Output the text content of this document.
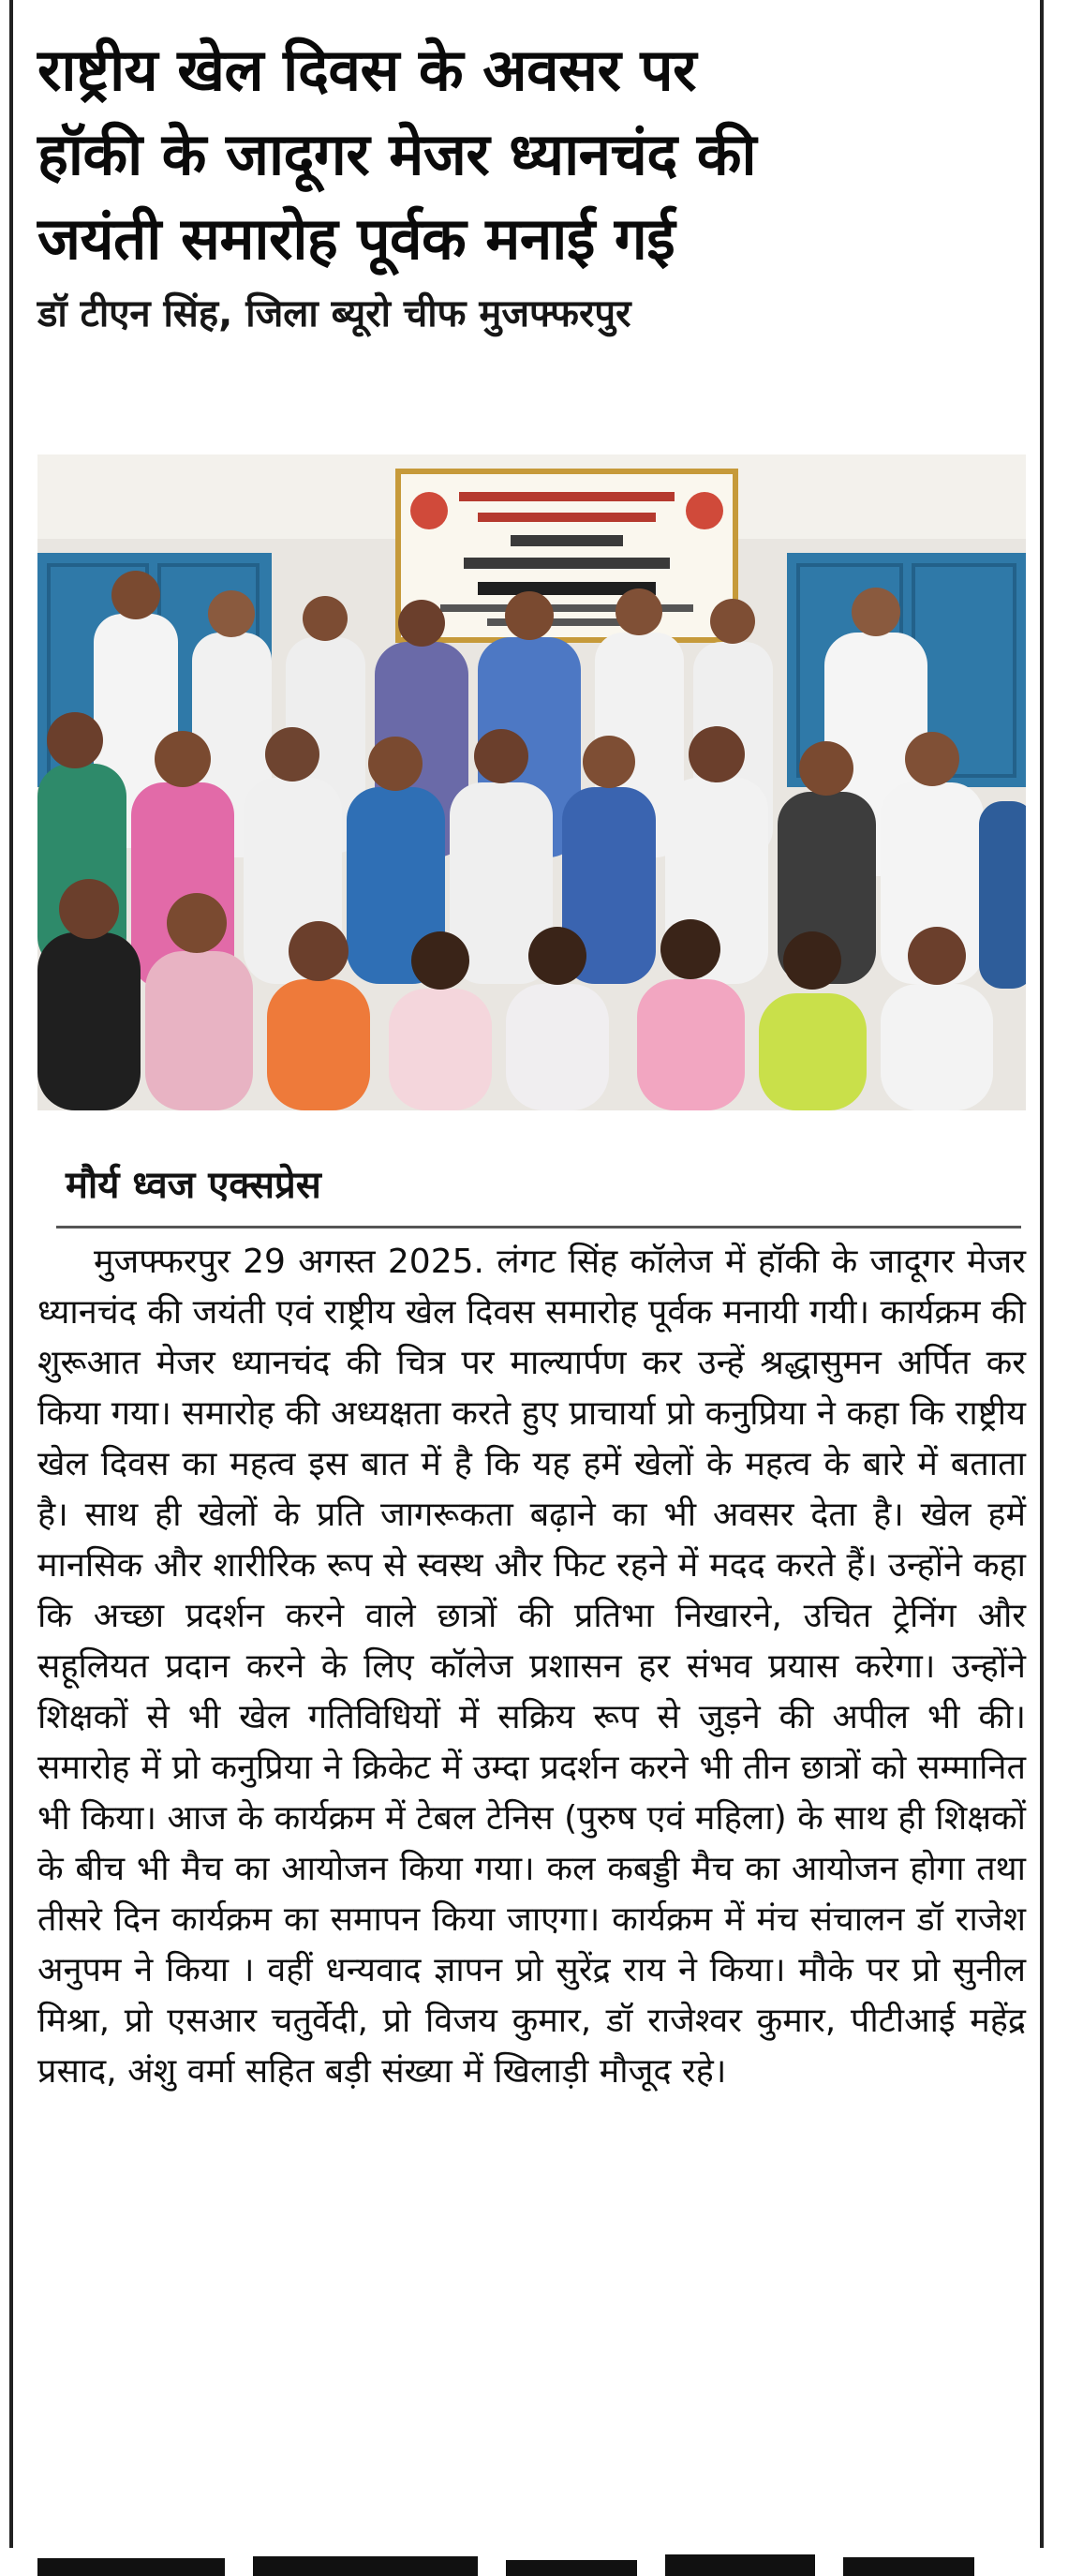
राष्ट्रीय खेल दिवस के अवसर पर
हॉकी के जादूगर मेजर ध्यानचंद की
जयंती समारोह पूर्वक मनाई गई
डॉ टीएन सिंह, जिला ब्यूरो चीफ मुजफ्फरपुर
मौर्य ध्वज एक्सप्रेस

मुजफ्फरपुर 29 अगस्त 2025. लंगट सिंह कॉलेज में हॉकी के जादूगर मेजर ध्यानचंद की जयंती एवं राष्ट्रीय खेल दिवस समारोह पूर्वक मनायी गयी। कार्यक्रम की शुरूआत मेजर ध्यानचंद की चित्र पर माल्यार्पण कर उन्हें श्रद्धासुमन अर्पित कर किया गया। समारोह की अध्यक्षता करते हुए प्राचार्या प्रो कनुप्रिया ने कहा कि राष्ट्रीय खेल दिवस का महत्व इस बात में है कि यह हमें खेलों के महत्व के बारे में बताता है। साथ ही खेलों के प्रति जागरूकता बढ़ाने का भी अवसर देता है। खेल हमें मानसिक और शारीरिक रूप से स्वस्थ और फिट रहने में मदद करते हैं। उन्होंने कहा कि अच्छा प्रदर्शन करने वाले छात्रों की प्रतिभा निखारने, उचित ट्रेनिंग और सहूलियत प्रदान करने के लिए कॉलेज प्रशासन हर संभव प्रयास करेगा। उन्होंने शिक्षकों से भी खेल गतिविधियों में सक्रिय रूप से जुड़ने की अपील भी की। समारोह में प्रो कनुप्रिया ने क्रिकेट में उम्दा प्रदर्शन करने भी तीन छात्रों को सम्मानित भी किया। आज के कार्यक्रम में टेबल टेनिस (पुरुष एवं महिला) के साथ ही शिक्षकों के बीच भी मैच का आयोजन किया गया। कल कबड्डी मैच का आयोजन होगा तथा तीसरे दिन कार्यक्रम का समापन किया जाएगा। कार्यक्रम में मंच संचालन डॉ राजेश अनुपम ने किया । वहीं धन्यवाद ज्ञापन प्रो सुरेंद्र राय ने किया। मौके पर प्रो सुनील मिश्रा, प्रो एसआर चतुर्वेदी, प्रो विजय कुमार, डॉ राजेश्वर कुमार, पीटीआई महेंद्र प्रसाद, अंशु वर्मा सहित बड़ी संख्या में खिलाड़ी मौजूद रहे।
